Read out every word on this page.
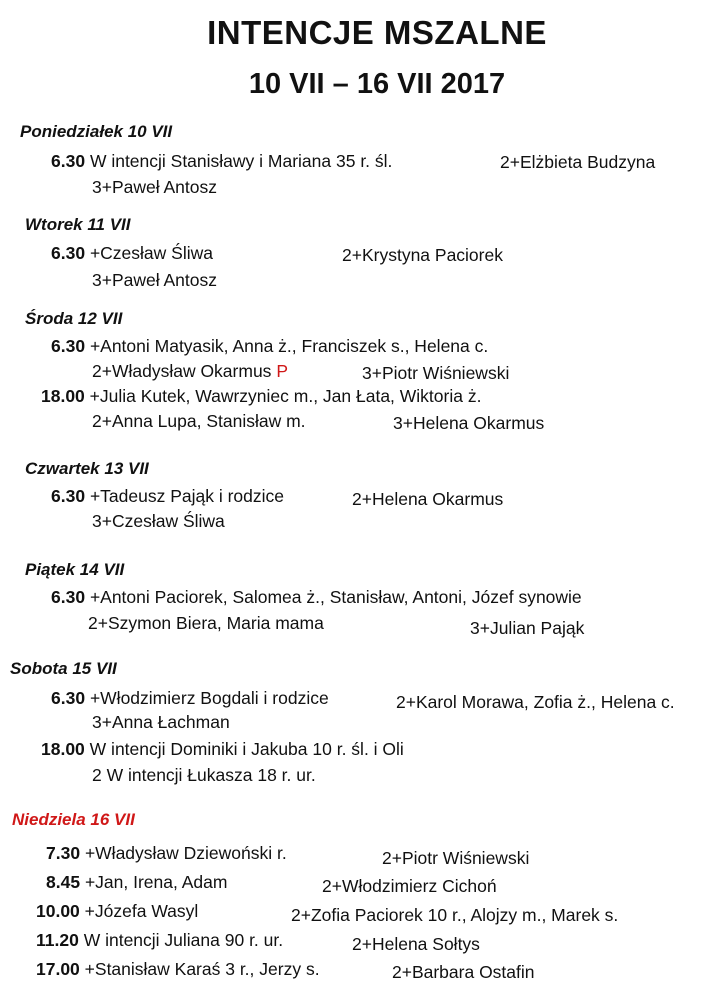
INTENCJE MSZALNE
10 VII – 16 VII 2017
Poniedziałek 10 VII
6.30 W intencji Stanisławy i Mariana 35 r. śl.	2+Elżbieta Budzyna
3+Paweł Antosz
Wtorek 11 VII
6.30 +Czesław Śliwa	2+Krystyna Paciorek
3+Paweł Antosz
Środa 12 VII
6.30 +Antoni Matyasik, Anna ż., Franciszek s., Helena c.
2+Władysław Okarmus P	3+Piotr Wiśniewski
18.00 +Julia Kutek, Wawrzyniec m., Jan Łata, Wiktoria ż.
2+Anna Lupa, Stanisław m.	3+Helena Okarmus
Czwartek 13 VII
6.30 +Tadeusz Pająk i rodzice	2+Helena Okarmus
3+Czesław Śliwa
Piątek 14 VII
6.30 +Antoni Paciorek, Salomea ż., Stanisław, Antoni, Józef synowie
2+Szymon Biera, Maria mama	3+Julian Pająk
Sobota 15 VII
6.30 +Włodzimierz Bogdali i rodzice	2+Karol Morawa, Zofia ż., Helena c.
3+Anna Łachman
18.00 W intencji Dominiki i Jakuba 10 r. śl. i Oli
2 W intencji Łukasza 18 r. ur.
Niedziela 16 VII
7.30 +Władysław Dziewoński r.	2+Piotr Wiśniewski
8.45 +Jan, Irena, Adam	2+Włodzimierz Cichoń
10.00 +Józefa Wasyl	2+Zofia Paciorek 10 r., Alojzy m., Marek s.
11.20 W intencji Juliana 90 r. ur.	2+Helena Sołtys
17.00 +Stanisław Karaś 3 r., Jerzy s.	2+Barbara Ostafin
